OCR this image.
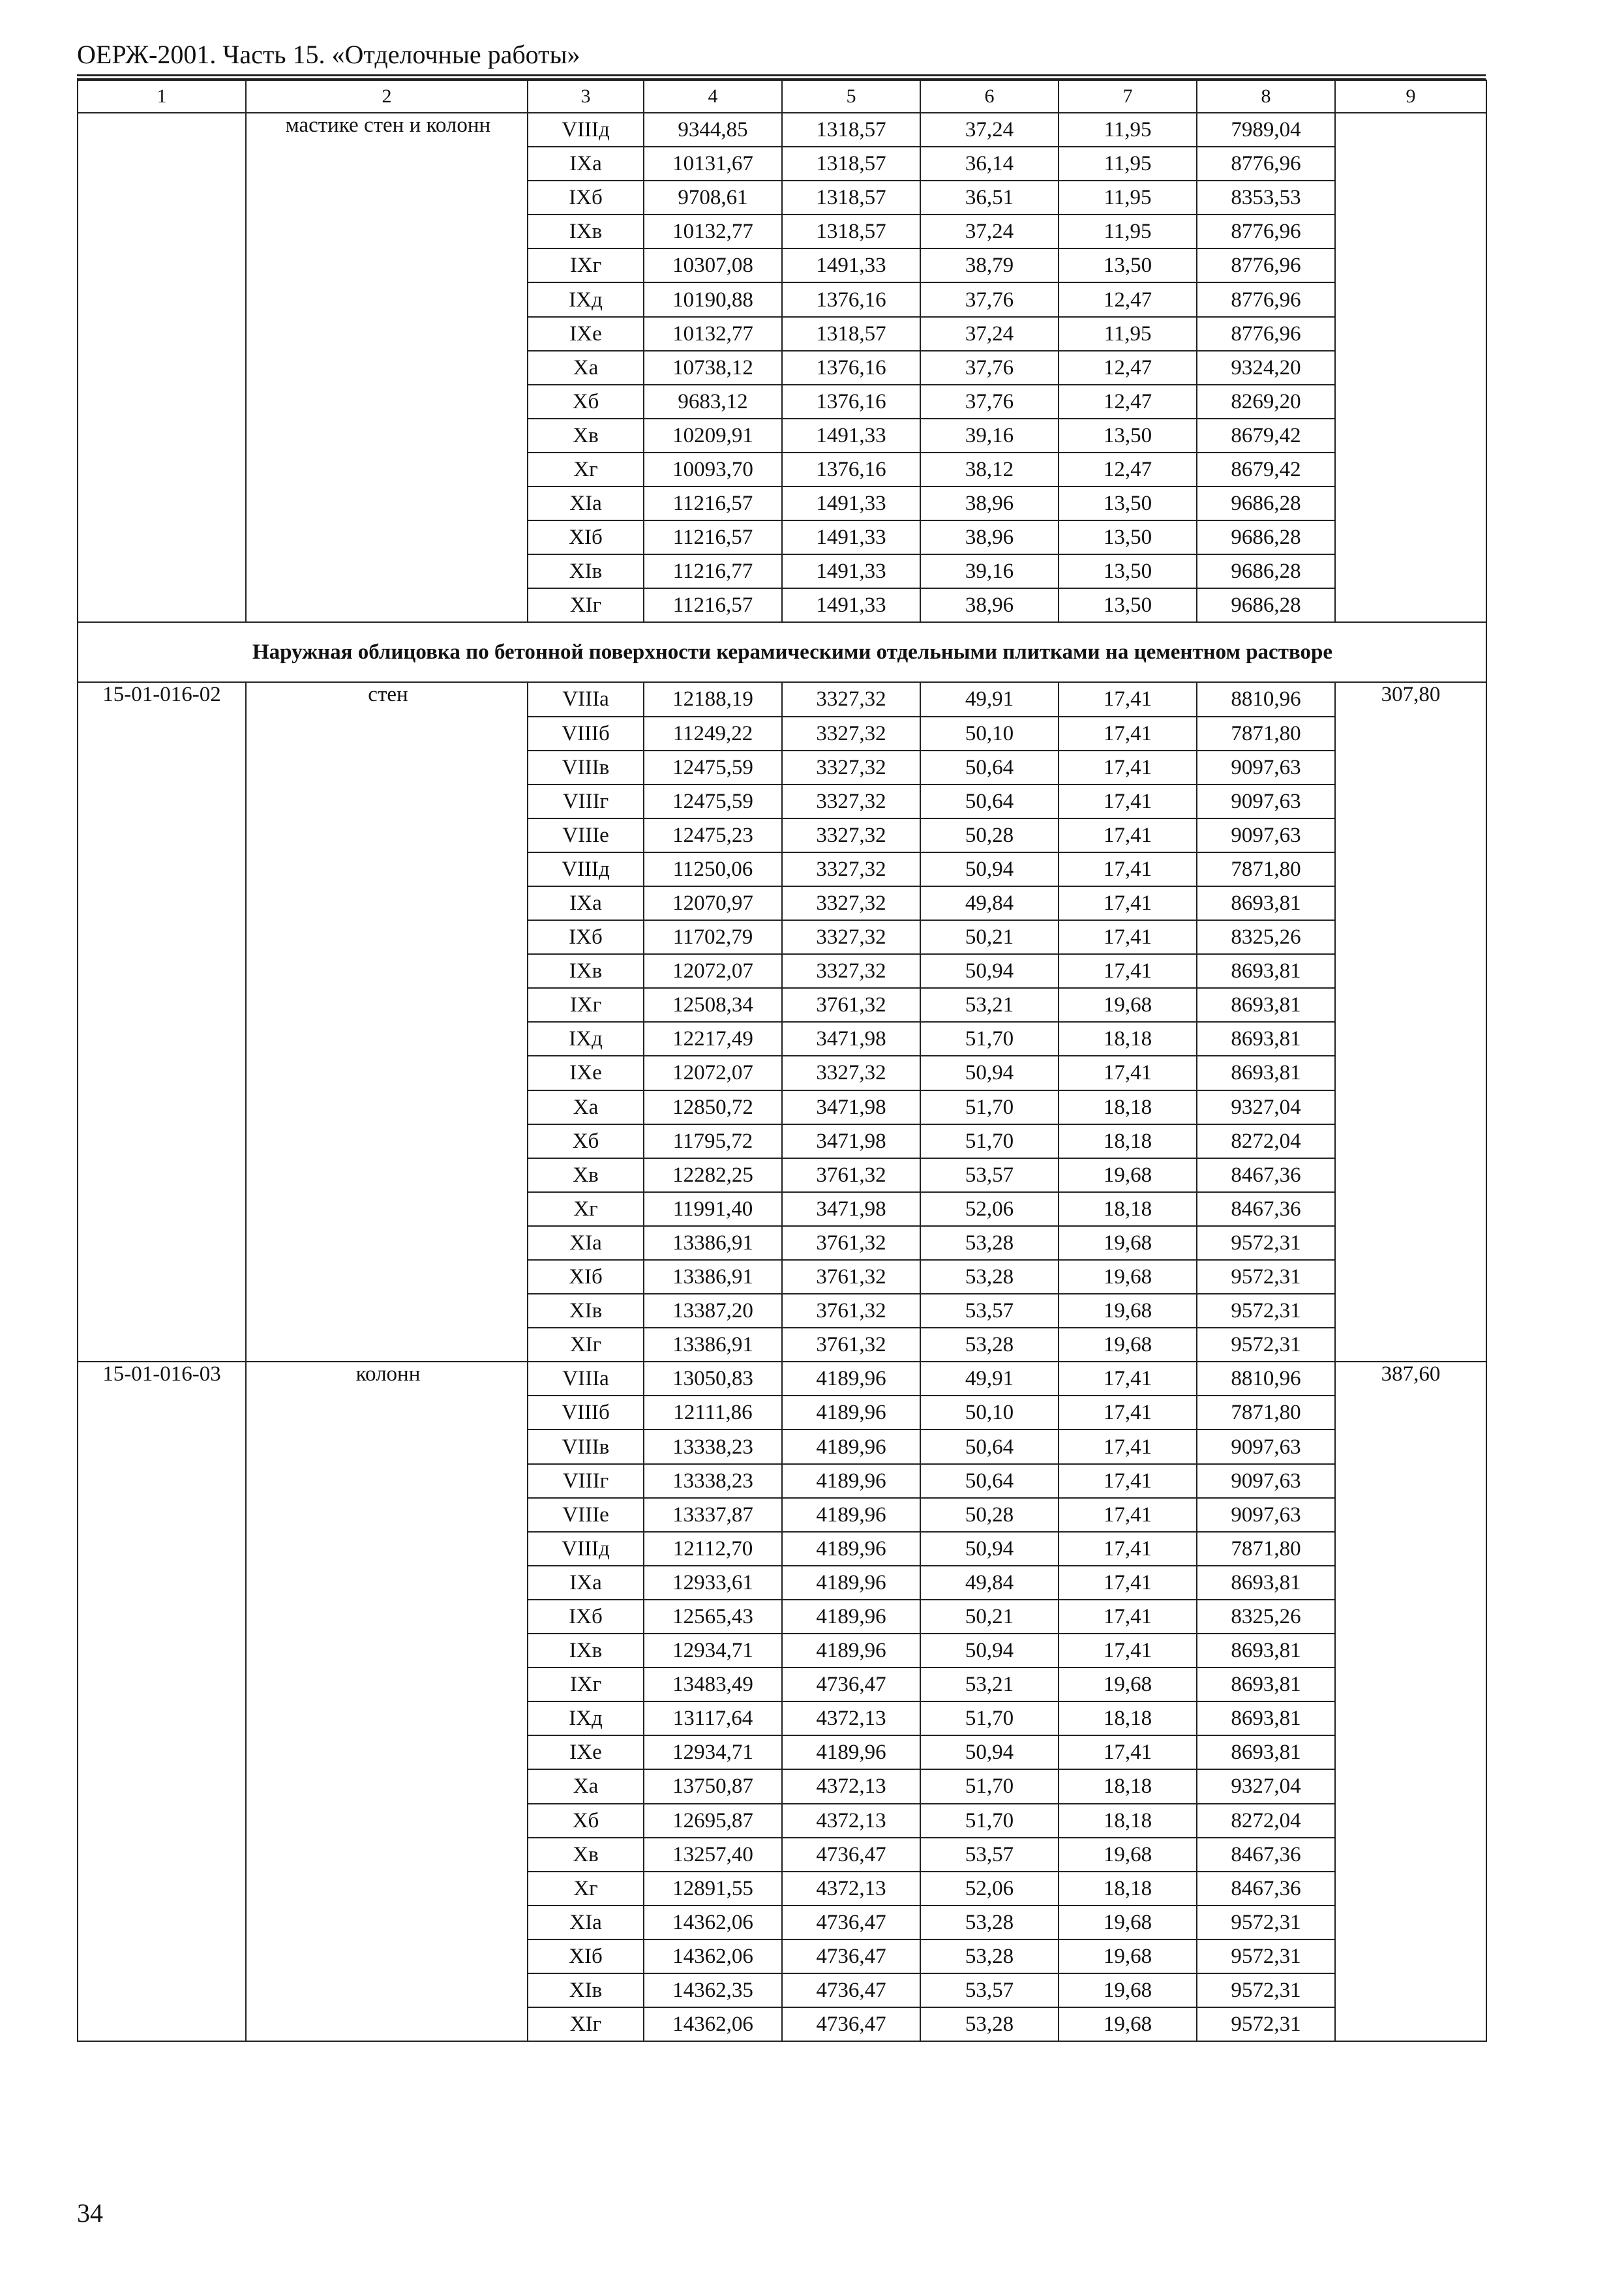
ОЕРЖ-2001. Часть 15. «Отделочные работы»
1	2	3	4	5	6	7	8	9
	мастике стен и колонн	VIIIд	9344,85	1318,57	37,24	11,95	7989,04	
		IXа	10131,67	1318,57	36,14	11,95	8776,96	
		IXб	9708,61	1318,57	36,51	11,95	8353,53	
		IXв	10132,77	1318,57	37,24	11,95	8776,96	
		IXг	10307,08	1491,33	38,79	13,50	8776,96	
		IXд	10190,88	1376,16	37,76	12,47	8776,96	
		IXе	10132,77	1318,57	37,24	11,95	8776,96	
		Xа	10738,12	1376,16	37,76	12,47	9324,20	
		Xб	9683,12	1376,16	37,76	12,47	8269,20	
		Xв	10209,91	1491,33	39,16	13,50	8679,42	
		Xг	10093,70	1376,16	38,12	12,47	8679,42	
		XIа	11216,57	1491,33	38,96	13,50	9686,28	
		XIб	11216,57	1491,33	38,96	13,50	9686,28	
		XIв	11216,77	1491,33	39,16	13,50	9686,28	
		XIг	11216,57	1491,33	38,96	13,50	9686,28	
	Наружная облицовка по бетонной поверхности керамическими отдельными плитками на цементном растворе							
15-01-016-02	стен	VIIIа	12188,19	3327,32	49,91	17,41	8810,96	307,80
		VIIIб	11249,22	3327,32	50,10	17,41	7871,80	
		VIIIв	12475,59	3327,32	50,64	17,41	9097,63	
		VIIIг	12475,59	3327,32	50,64	17,41	9097,63	
		VIIIе	12475,23	3327,32	50,28	17,41	9097,63	
		VIIIд	11250,06	3327,32	50,94	17,41	7871,80	
		IXа	12070,97	3327,32	49,84	17,41	8693,81	
		IXб	11702,79	3327,32	50,21	17,41	8325,26	
		IXв	12072,07	3327,32	50,94	17,41	8693,81	
		IXг	12508,34	3761,32	53,21	19,68	8693,81	
		IXд	12217,49	3471,98	51,70	18,18	8693,81	
		IXе	12072,07	3327,32	50,94	17,41	8693,81	
		Xа	12850,72	3471,98	51,70	18,18	9327,04	
		Xб	11795,72	3471,98	51,70	18,18	8272,04	
		Xв	12282,25	3761,32	53,57	19,68	8467,36	
		Xг	11991,40	3471,98	52,06	18,18	8467,36	
		XIа	13386,91	3761,32	53,28	19,68	9572,31	
		XIб	13386,91	3761,32	53,28	19,68	9572,31	
		XIв	13387,20	3761,32	53,57	19,68	9572,31	
		XIг	13386,91	3761,32	53,28	19,68	9572,31	
15-01-016-03	колонн	VIIIа	13050,83	4189,96	49,91	17,41	8810,96	387,60
		VIIIб	12111,86	4189,96	50,10	17,41	7871,80	
		VIIIв	13338,23	4189,96	50,64	17,41	9097,63	
		VIIIг	13338,23	4189,96	50,64	17,41	9097,63	
		VIIIе	13337,87	4189,96	50,28	17,41	9097,63	
		VIIIд	12112,70	4189,96	50,94	17,41	7871,80	
		IXа	12933,61	4189,96	49,84	17,41	8693,81	
		IXб	12565,43	4189,96	50,21	17,41	8325,26	
		IXв	12934,71	4189,96	50,94	17,41	8693,81	
		IXг	13483,49	4736,47	53,21	19,68	8693,81	
		IXд	13117,64	4372,13	51,70	18,18	8693,81	
		IXе	12934,71	4189,96	50,94	17,41	8693,81	
		Xа	13750,87	4372,13	51,70	18,18	9327,04	
		Xб	12695,87	4372,13	51,70	18,18	8272,04	
		Xв	13257,40	4736,47	53,57	19,68	8467,36	
		Xг	12891,55	4372,13	52,06	18,18	8467,36	
		XIа	14362,06	4736,47	53,28	19,68	9572,31	
		XIб	14362,06	4736,47	53,28	19,68	9572,31	
		XIв	14362,35	4736,47	53,57	19,68	9572,31	
		XIг	14362,06	4736,47	53,28	19,68	9572,31	
34
